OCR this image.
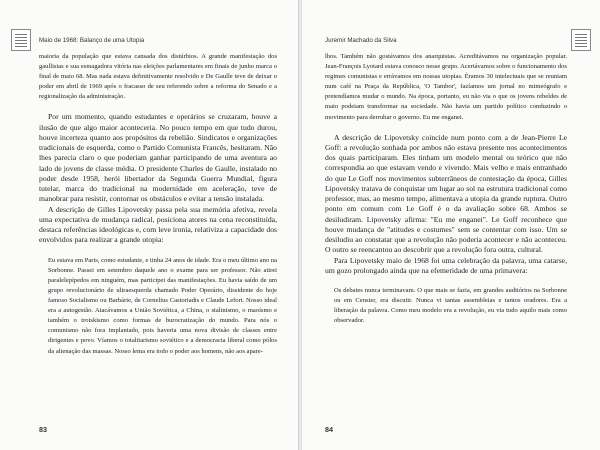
Maio de 1968: Balanço de uma Utopia

maioria da população que estava cansada dos distúrbios. A grande manifestação dos gaullistas e sua esmagadora vitória nas eleições parlamentares em finais de junho marca o final de maio 68. Mas nada estava definitivamente resolvido e De Gaulle teve de deixar o poder em abril de 1969 após o fracasso de seu referendo sobre a reforma do Senado e a regionalização da administração.

Por um momento, quando estudantes e operários se cruzaram, houve a ilusão de que algo maior aconteceria. No pouco tempo em que tudo durou, houve incerteza quanto aos propósitos da rebelião. Sindicatos e organizações tradicionais de esquerda, como o Partido Comunista Francês, hesitaram. Não lhes parecia claro o que poderiam ganhar participando de uma aventura ao lado de jovens de classe média. O presidente Charles de Gaulle, instalado no poder desde 1958, herói libertador da Segunda Guerra Mundial, figura tutelar, marca do tradicional na modernidade em aceleração, teve de manobrar para resistir, contornar os obstáculos e evitar a tensão instalada.

A descrição de Gilles Lipovetsky passa pela sua memória afetiva, revela uma expectativa de mudança radical, posiciona atores na cena reconstituída, destaca referências ideológicas e, com leve ironia, relativiza a capacidade dos envolvidos para realizar a grande utopia:

Eu estava em Paris, como estudante, e tinha 24 anos de idade. Era o meu último ano na Sorbonne. Passei em setembro daquele ano o exame para ser professor. Não atirei paralelepípedos em ninguém, mas participei das manifestações. Eu havia saído de um grupo revolucionário de ultraesquerda chamado Poder Operário, dissidente do hoje famoso Socialismo ou Barbárie, de Cornelius Castoriadis e Claude Lefort. Nosso ideal era a autogestão. Atacávamos a União Soviética, a China, o stalinismo, o maoísmo e também o trotskismo como formas de burocratização do mundo. Para nós o comunismo não fora implantado, pois haveria uma nova divisão de classes entre dirigentes e povo. Víamos o totalitarismo soviético e a democracia liberal como pólos da alienação das massas. Nosso lema era todo o poder aos homens, não aos apare-

83
Juremir Machado da Silva

lhos. Também não gostávamos dos anarquistas. Acreditávamos na organização popular. Jean-François Lyotard estava conosco nesse grupo. Acertávamos sobre o funcionamento dos regimes comunistas e errávamos em nossas utopias. Éramos 30 intelectuais que se reuniam num café na Praça da República, 'O Tambor', fazíamos um jornal no mimeógrafo e pretendíamos mudar o mundo. Na época, portanto, eu não via o que os jovens rebeldes de maio podeiam transformar na sociedade. Não havia um partido político conduzindo o movimento para derrubar o governo. Eu me enganei.

A descrição de Lipovetsky coincide num ponto com a de Jean-Pierre Le Goff: a revolução sonhada por ambos não estava presente nos acontecimentos dos quais participaram. Eles tinham um modelo mental ou teórico que não correspondia ao que estavam vendo e vivendo. Mais velho e mais entranhado do que Le Goff nos movimentos subterrâneos de contestação da época, Gilles Lipovetsky tratava de conquistar um lugar ao sol na estrutura tradicional como professor, mas, ao mesmo tempo, alimentava a utopia da grande ruptura. Outro ponto em comum com Le Goff é o da avaliação sobre 68. Ambos se desiludiram. Lipovetsky afirma: "Eu me enganei". Le Goff reconhece que houve mudança de "atitudes e costumes" sem se contentar com isso. Um se desiludiu ao constatar que a revolução não poderia acontecer e não aconteceu. O outro se reencantou ao descobrir que a revolução fora outra, cultural.

Para Lipovetsky maio de 1968 foi uma celebração da palavra, uma catarse, um gozo prolongado ainda que na efemeridade de uma primavera:

Os debates nunca terminavam. O que mais se fazia, em grandes auditórios na Sorbonne ou em Censier, era discutir. Nunca vi tantas assembleias e tantos oradores. Era a liberação da palavra. Como meu modelo era a revolução, eu via tudo aquilo mais como observador.

84
